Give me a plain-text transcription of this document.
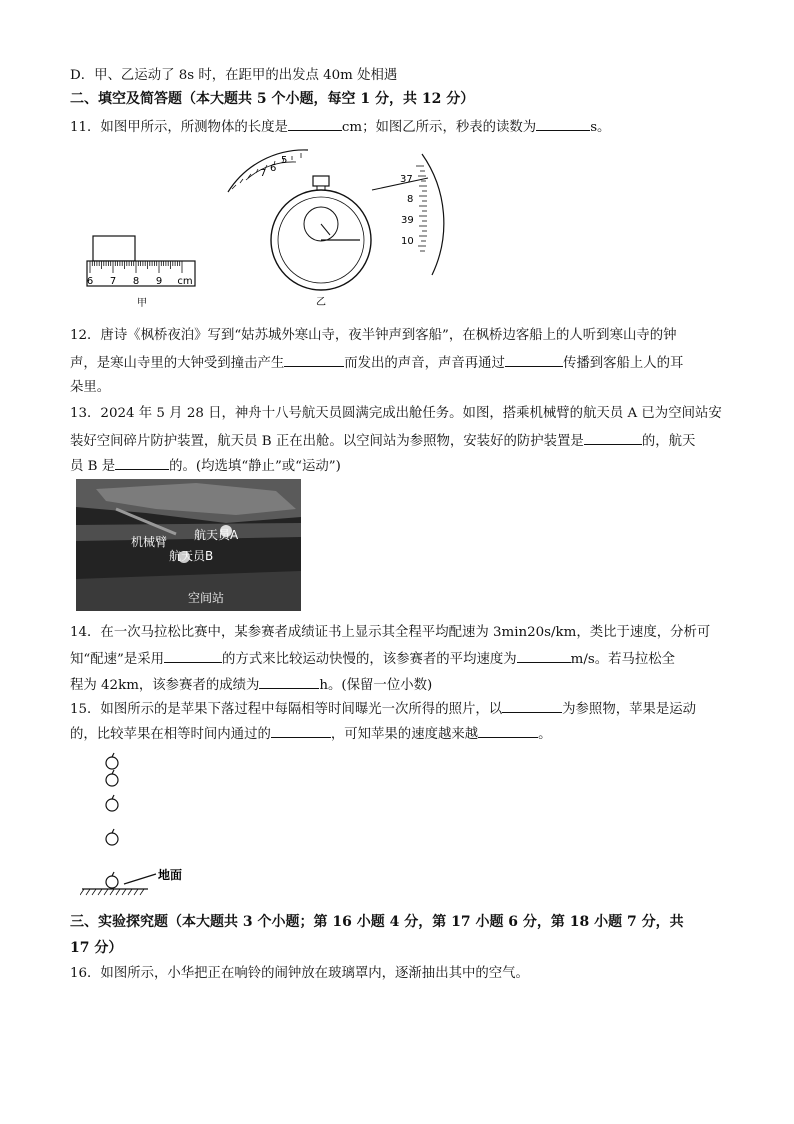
D．甲、乙运动了 8s 时，在距甲的出发点 40m 处相遇
二、填空及简答题（本大题共 5 个小题，每空 1 分，共 12 分）
11．如图甲所示，所测物体的长度是	cm；如图乙所示，秒表的读数为	s。
6 7 8 9 cm
甲
7 6
5
乙
37
8
39
10
12．唐诗《枫桥夜泊》写到“姑苏城外寒山寺，夜半钟声到客船”，在枫桥边客船上的人听到寒山寺的钟
声，是寒山寺里的大钟受到撞击产生	而发出的声音，声音再通过	传播到客船上人的耳
朵里。
13．2024 年 5 月 28 日，神舟十八号航天员圆满完成出舱任务。如图，搭乘机械臂的航天员 A 已为空间站安
装好空间碎片防护装置，航天员 B 正在出舱。以空间站为参照物，安装好的防护装置是	的，航天
员 B 是	的。(均选填“静止”或“运动”)
机械臂 航天员A
航天员B
空间站
14．在一次马拉松比赛中，某参赛者成绩证书上显示其全程平均配速为 3min20s/km，类比于速度，分析可
知“配速”是采用	的方式来比较运动快慢的，该参赛者的平均速度为	m/s。若马拉松全
程为 42km，该参赛者的成绩为	h。(保留一位小数)
15．如图所示的是苹果下落过程中每隔相等时间曝光一次所得的照片，以	为参照物，苹果是运动
的，比较苹果在相等时间内通过的	，可知苹果的速度越来越	。
地面
三、实验探究题（本大题共 3 个小题；第 16 小题 4 分，第 17 小题 6 分，第 18 小题 7 分，共
17 分）
16．如图所示，小华把正在响铃的闹钟放在玻璃罩内，逐渐抽出其中的空气。
